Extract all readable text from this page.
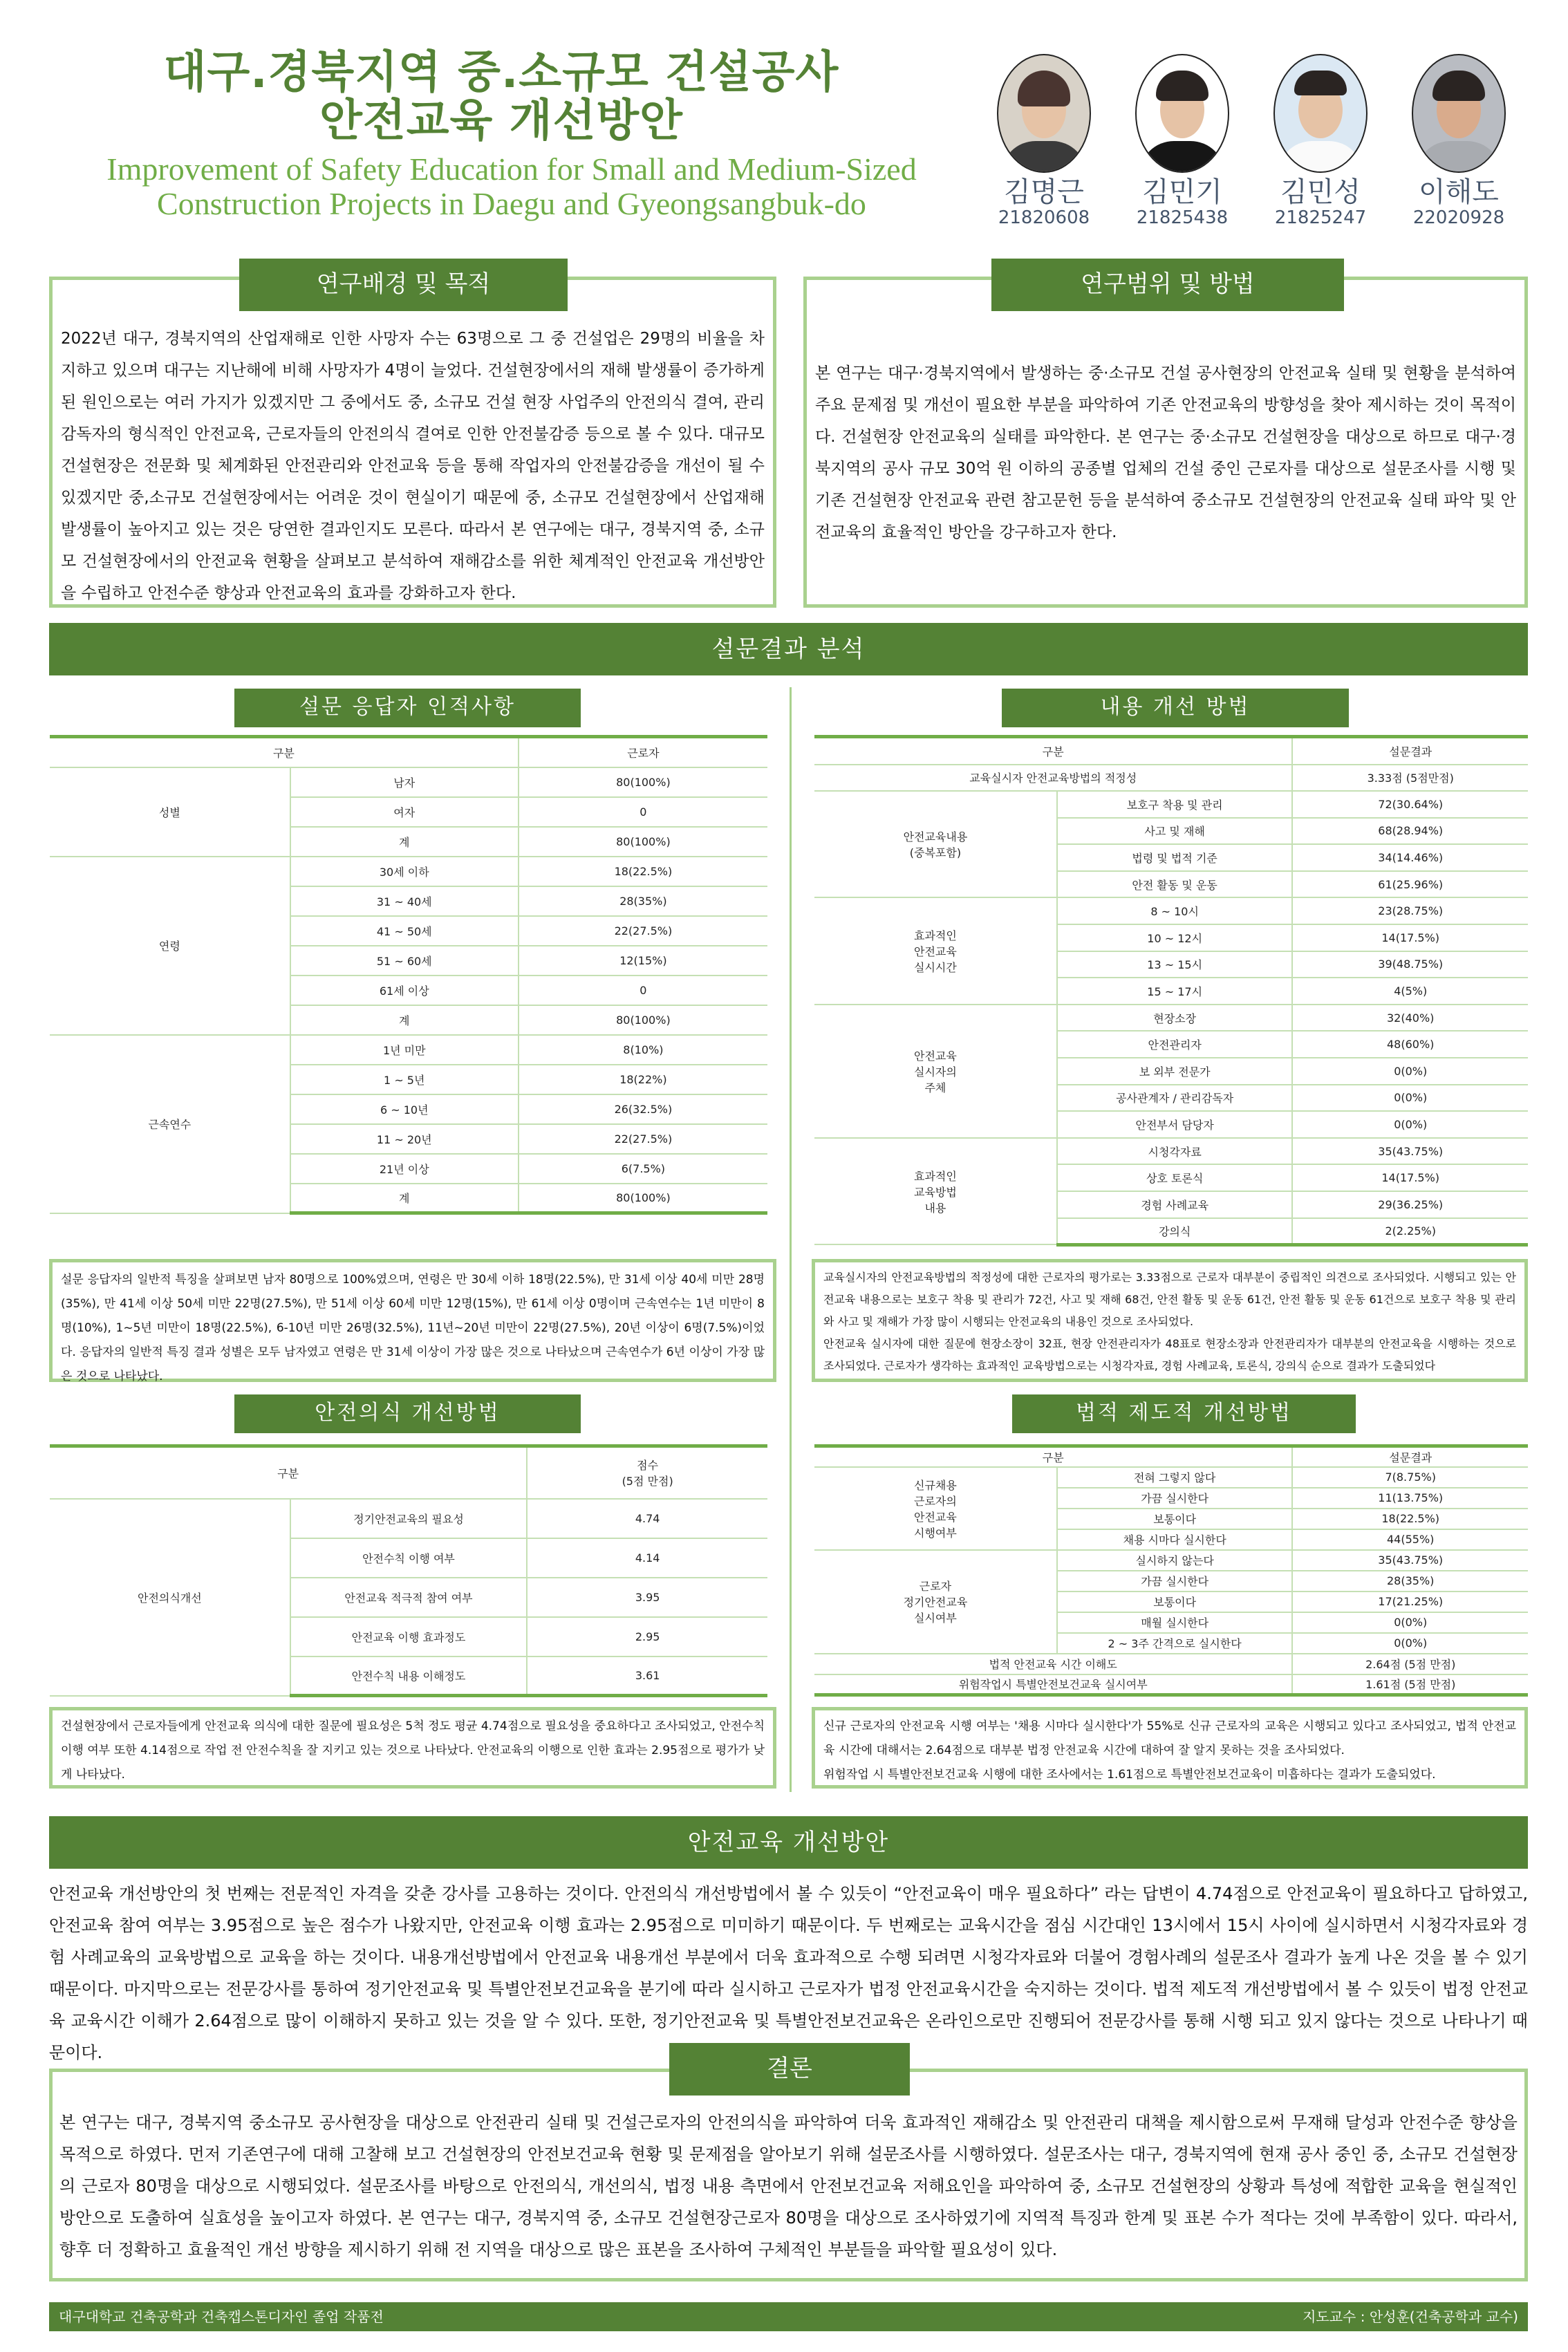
대구.경북지역 중.소규모 건설공사
안전교육 개선방안
Improvement of Safety Education for Small and Medium-Sized
Construction Projects in Daegu and Gyeongsangbuk-do	김명근
21820608
김민기
21825438
김민성
21825247
이해도
22020928
2022년 대구, 경북지역의 산업재해로 인한 사망자 수는 63명으로 그 중 건설업은 29명의 비율을 차지하고 있으며 대구는 지난해에 비해 사망자가 4명이 늘었다. 건설현장에서의 재해 발생률이 증가하게 된 원인으로는 여러 가지가 있겠지만 그 중에서도 중, 소규모 건설 현장 사업주의 안전의식 결여, 관리감독자의 형식적인 안전교육, 근로자들의 안전의식 결여로 인한 안전불감증 등으로 볼 수 있다. 대규모 건설현장은 전문화 및 체계화된 안전관리와 안전교육 등을 통해 작업자의 안전불감증을 개선이 될 수 있겠지만 중,소규모 건설현장에서는 어려운 것이 현실이기 때문에 중, 소규모 건설현장에서 산업재해 발생률이 높아지고 있는 것은 당연한 결과인지도 모른다. 따라서 본 연구에는 대구, 경북지역 중, 소규모 건설현장에서의 안전교육 현황을 살펴보고 분석하여 재해감소를 위한 체계적인 안전교육 개선방안을 수립하고 안전수준 향상과 안전교육의 효과를 강화하고자 한다.
연구배경 및 목적
본 연구는 대구·경북지역에서 발생하는 중·소규모 건설 공사현장의 안전교육 실태 및 현황을 분석하여 주요 문제점 및 개선이 필요한 부분을 파악하여 기존 안전교육의 방향성을 찾아 제시하는 것이 목적이다. 건설현장 안전교육의 실태를 파악한다. 본 연구는 중·소규모 건설현장을 대상으로 하므로 대구·경북지역의 공사 규모 30억 원 이하의 공종별 업체의 건설 중인 근로자를 대상으로 설문조사를 시행 및 기존 건설현장 안전교육 관련 참고문헌 등을 분석하여 중소규모 건설현장의 안전교육 실태 파악 및 안전교육의 효율적인 방안을 강구하고자 한다.
연구범위 및 방법
설문결과 분석
설문 응답자 인적사항
구분		근로자
성별	남자	80(100%)
	여자	0
	계	80(100%)
연령	30세 이하	18(22.5%)
	31 ~ 40세	28(35%)
	41 ~ 50세	22(27.5%)
	51 ~ 60세	12(15%)
	61세 이상	0
	계	80(100%)
근속연수	1년 미만	8(10%)
	1 ~ 5년	18(22%)
	6 ~ 10년	26(32.5%)
	11 ~ 20년	22(27.5%)
	21년 이상	6(7.5%)
	계	80(100%)
설문 응답자의 일반적 특징을 살펴보면 남자 80명으로 100%였으며, 연령은 만 30세 이하 18명(22.5%), 만 31세 이상 40세 미만 28명(35%), 만 41세 이상 50세 미만 22명(27.5%), 만 51세 이상 60세 미만 12명(15%), 만 61세 이상 0명이며 근속연수는 1년 미만이 8명(10%), 1~5년 미만이 18명(22.5%), 6-10년 미만 26명(32.5%), 11년~20년 미만이 22명(27.5%), 20년 이상이 6명(7.5%)이었다. 응답자의 일반적 특징 결과 성별은 모두 남자였고 연령은 만 31세 이상이 가장 많은 것으로 나타났으며 근속연수가 6년 이상이 가장 많은 것으로 나타났다.
내용 개선 방법
구분		설문결과
교육실시자 안전교육방법의 적정성		3.33점 (5점만점)
안전교육내용
(중복포함)	보호구 착용 및 관리	72(30.64%)
	사고 및 재해	68(28.94%)
	법령 및 법적 기준	34(14.46%)
	안전 활동 및 운동	61(25.96%)
효과적인
안전교육
실시시간	8 ~ 10시	23(28.75%)
	10 ~ 12시	14(17.5%)
	13 ~ 15시	39(48.75%)
	15 ~ 17시	4(5%)
안전교육
실시자의
주체	현장소장	32(40%)
	안전관리자	48(60%)
	보 외부 전문가	0(0%)
	공사관계자 / 관리감독자	0(0%)
	안전부서 담당자	0(0%)
효과적인
교육방법
내용	시청각자료	35(43.75%)
	상호 토론식	14(17.5%)
	경험 사례교육	29(36.25%)
	강의식	2(2.25%)
교육실시자의 안전교육방법의 적정성에 대한 근로자의 평가로는 3.33점으로 근로자 대부분이 중립적인 의견으로 조사되었다. 시행되고 있는 안전교육 내용으로는 보호구 착용 및 관리가 72건, 사고 및 재해 68건, 안전 활동 및 운동 61건, 안전 활동 및 운동 61건으로 보호구 착용 및 관리와 사고 및 재해가 가장 많이 시행되는 안전교육의 내용인 것으로 조사되었다.
안전교육 실시자에 대한 질문에 현장소장이 32표, 현장 안전관리자가 48표로 현장소장과 안전관리자가 대부분의 안전교육을 시행하는 것으로 조사되었다. 근로자가 생각하는 효과적인 교육방법으로는 시청각자료, 경험 사례교육, 토론식, 강의식 순으로 결과가 도출되었다
안전의식 개선방법
구분		점수
(5점 만점)
안전의식개선	정기안전교육의 필요성	4.74
	안전수칙 이행 여부	4.14
	안전교육 적극적 참여 여부	3.95
	안전교육 이행 효과정도	2.95
	안전수칙 내용 이해정도	3.61
건설현장에서 근로자들에게 안전교육 의식에 대한 질문에 필요성은 5척 정도 평균 4.74점으로 필요성을 중요하다고 조사되었고, 안전수칙 이행 여부 또한 4.14점으로 작업 전 안전수칙을 잘 지키고 있는 것으로 나타났다. 안전교육의 이행으로 인한 효과는 2.95점으로 평가가 낮게 나타났다.
법적 제도적 개선방법
구분		설문결과
신규채용
근로자의
안전교육
시행여부	전혀 그렇지 않다	7(8.75%)
	가끔 실시한다	11(13.75%)
	보통이다	18(22.5%)
	채용 시마다 실시한다	44(55%)
근로자
정기안전교육
실시여부	실시하지 않는다	35(43.75%)
	가끔 실시한다	28(35%)
	보통이다	17(21.25%)
	매월 실시한다	0(0%)
	2 ~ 3주 간격으로 실시한다	0(0%)
법적 안전교육 시간 이해도		2.64점 (5점 만점)
위험작업시 특별안전보건교육 실시여부		1.61점 (5점 만점)
신규 근로자의 안전교육 시행 여부는 '채용 시마다 실시한다'가 55%로 신규 근로자의 교육은 시행되고 있다고 조사되었고, 법적 안전교육 시간에 대해서는 2.64점으로 대부분 법정 안전교육 시간에 대하여 잘 알지 못하는 것을 조사되었다.
위험작업 시 특별안전보건교육 시행에 대한 조사에서는 1.61점으로 특별안전보건교육이 미흡하다는 결과가 도출되었다.
안전교육 개선방안
안전교육 개선방안의 첫 번째는 전문적인 자격을 갖춘 강사를 고용하는 것이다. 안전의식 개선방법에서 볼 수 있듯이 “안전교육이 매우 필요하다” 라는 답변이 4.74점으로 안전교육이 필요하다고 답하였고, 안전교육 참여 여부는 3.95점으로 높은 점수가 나왔지만, 안전교육 이행 효과는 2.95점으로 미미하기 때문이다. 두 번째로는 교육시간을 점심 시간대인 13시에서 15시 사이에 실시하면서 시청각자료와 경험 사례교육의 교육방법으로 교육을 하는 것이다. 내용개선방법에서 안전교육 내용개선 부분에서 더욱 효과적으로 수행 되려면 시청각자료와 더불어 경험사례의 설문조사 결과가 높게 나온 것을 볼 수 있기 때문이다. 마지막으로는 전문강사를 통하여 정기안전교육 및 특별안전보건교육을 분기에 따라 실시하고 근로자가 법정 안전교육시간을 숙지하는 것이다. 법적 제도적 개선방법에서 볼 수 있듯이 법정 안전교육 교육시간 이해가 2.64점으로 많이 이해하지 못하고 있는 것을 알 수 있다. 또한, 정기안전교육 및 특별안전보건교육은 온라인으로만 진행되어 전문강사를 통해 시행 되고 있지 않다는 것으로 나타나기 때문이다.
본 연구는 대구, 경북지역 중소규모 공사현장을 대상으로 안전관리 실태 및 건설근로자의 안전의식을 파악하여 더욱 효과적인 재해감소 및 안전관리 대책을 제시함으로써 무재해 달성과 안전수준 향상을 목적으로 하였다. 먼저 기존연구에 대해 고찰해 보고 건설현장의 안전보건교육 현황 및 문제점을 알아보기 위해 설문조사를 시행하였다. 설문조사는 대구, 경북지역에 현재 공사 중인 중, 소규모 건설현장의 근로자 80명을 대상으로 시행되었다. 설문조사를 바탕으로 안전의식, 개선의식, 법정 내용 측면에서 안전보건교육 저해요인을 파악하여 중, 소규모 건설현장의 상황과 특성에 적합한 교육을 현실적인 방안으로 도출하여 실효성을 높이고자 하였다. 본 연구는 대구, 경북지역 중, 소규모 건설현장근로자 80명을 대상으로 조사하였기에 지역적 특징과 한계 및 표본 수가 적다는 것에 부족함이 있다. 따라서, 향후 더 정확하고 효율적인 개선 방향을 제시하기 위해 전 지역을 대상으로 많은 표본을 조사하여 구체적인 부분들을 파악할 필요성이 있다.
결론
대구대학교 건축공학과 건축캡스톤디자인 졸업 작품전	지도교수 : 안성훈(건축공학과 교수)
